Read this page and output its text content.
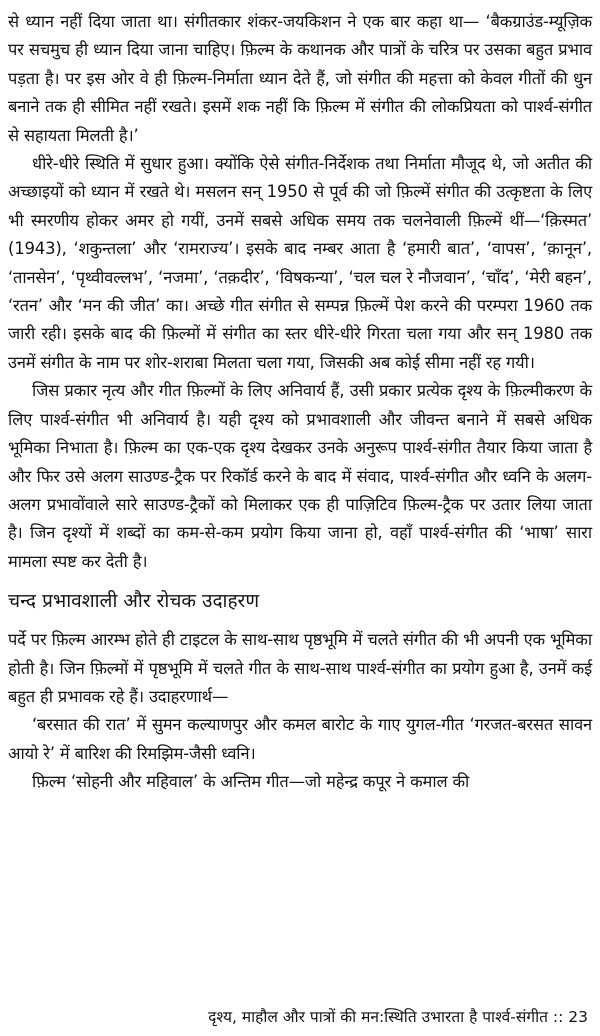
से ध्यान नहीं दिया जाता था। संगीतकार शंकर-जयकिशन ने एक बार कहा था— ‘बैकग्राउंड-म्यूज़िक पर सचमुच ही ध्यान दिया जाना चाहिए। फ़िल्म के कथानक और पात्रों के चरित्र पर उसका बहुत प्रभाव पड़ता है। पर इस ओर वे ही फ़िल्म-निर्माता ध्यान देते हैं, जो संगीत की महत्ता को केवल गीतों की धुन बनाने तक ही सीमित नहीं रखते। इसमें शक नहीं कि फ़िल्म में संगीत की लोकप्रियता को पार्श्व-संगीत से सहायता मिलती है।’

धीरे-धीरे स्थिति में सुधार हुआ। क्योंकि ऐसे संगीत-निर्देशक तथा निर्माता मौजूद थे, जो अतीत की अच्छाइयों को ध्यान में रखते थे। मसलन सन् 1950 से पूर्व की जो फ़िल्में संगीत की उत्कृष्टता के लिए भी स्मरणीय होकर अमर हो गयीं, उनमें सबसे अधिक समय तक चलनेवाली फ़िल्में थीं—‘क़िस्मत’ (1943), ‘शकुन्तला’ और ‘रामराज्य’। इसके बाद नम्बर आता है ‘हमारी बात’, ‘वापस’, ‘क़ानून’, ‘तानसेन’, ‘पृथ्वीवल्लभ’, ‘नजमा’, ‘तक़दीर’, ‘विषकन्या’, ‘चल चल रे नौजवान’, ‘चाँद’, ‘मेरी बहन’, ‘रतन’ और ‘मन की जीत’ का। अच्छे गीत संगीत से सम्पन्न फ़िल्में पेश करने की परम्परा 1960 तक जारी रही। इसके बाद की फ़िल्मों में संगीत का स्तर धीरे-धीरे गिरता चला गया और सन् 1980 तक उनमें संगीत के नाम पर शोर-शराबा मिलता चला गया, जिसकी अब कोई सीमा नहीं रह गयी।

जिस प्रकार नृत्य और गीत फ़िल्मों के लिए अनिवार्य हैं, उसी प्रकार प्रत्येक दृश्य के फ़िल्मीकरण के लिए पार्श्व-संगीत भी अनिवार्य है। यही दृश्य को प्रभावशाली और जीवन्त बनाने में सबसे अधिक भूमिका निभाता है। फ़िल्म का एक-एक दृश्य देखकर उनके अनुरूप पार्श्व-संगीत तैयार किया जाता है और फिर उसे अलग साउण्ड-ट्रैक पर रिकॉर्ड करने के बाद में संवाद, पार्श्व-संगीत और ध्वनि के अलग-अलग प्रभावोंवाले सारे साउण्ड-ट्रैकों को मिलाकर एक ही पाज़िटिव फ़िल्म-ट्रैक पर उतार लिया जाता है। जिन दृश्यों में शब्दों का कम-से-कम प्रयोग किया जाना हो, वहाँ पार्श्व-संगीत की ‘भाषा’ सारा मामला स्पष्ट कर देती है।

चन्द प्रभावशाली और रोचक उदाहरण

पर्दे पर फ़िल्म आरम्भ होते ही टाइटल के साथ-साथ पृष्ठभूमि में चलते संगीत की भी अपनी एक भूमिका होती है। जिन फ़िल्मों में पृष्ठभूमि में चलते गीत के साथ-साथ पार्श्व-संगीत का प्रयोग हुआ है, उनमें कई बहुत ही प्रभावक रहे हैं। उदाहरणार्थ—

‘बरसात की रात’ में सुमन कल्याणपुर और कमल बारोट के गाए युगल-गीत ‘गरजत-बरसत सावन आयो रे’ में बारिश की रिमझिम-जैसी ध्वनि।

फ़िल्म ‘सोहनी और महिवाल’ के अन्तिम गीत—जो महेन्द्र कपूर ने कमाल की

दृश्य, माहौल और पात्रों की मन:स्थिति उभारता है पार्श्व-संगीत :: 23
